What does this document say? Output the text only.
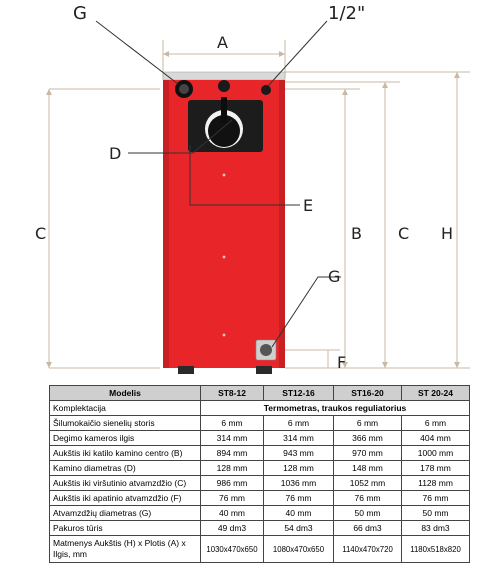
G	1/2"
A
D
E
C	B C H
G
F
Modelis	ST8-12	ST12-16	ST16-20	ST 20-24
Komplektacija	Termometras, traukos reguliatorius			
Šilumokaičio sienelių storis	6 mm	6 mm	6 mm	6 mm
Degimo kameros ilgis	314 mm	314 mm	366 mm	404 mm
Aukštis iki katilo kamino centro (B)	894 mm	943 mm	970 mm	1000 mm
Kamino diametras (D)	128 mm	128 mm	148 mm	178 mm
Aukštis iki viršutinio atvamzdžio (C)	986 mm	1036 mm	1052 mm	1128 mm
Aukštis iki apatinio atvamzdžio (F)	76 mm	76 mm	76 mm	76 mm
Atvamzdžių diametras (G)	40 mm	40 mm	50 mm	50 mm
Pakuros tūris	49 dm3	54 dm3	66 dm3	83 dm3
Matmenys Aukštis (H) x Plotis (A) x Ilgis, mm	1030x470x650	1080x470x650	1140x470x720	1180x518x820
